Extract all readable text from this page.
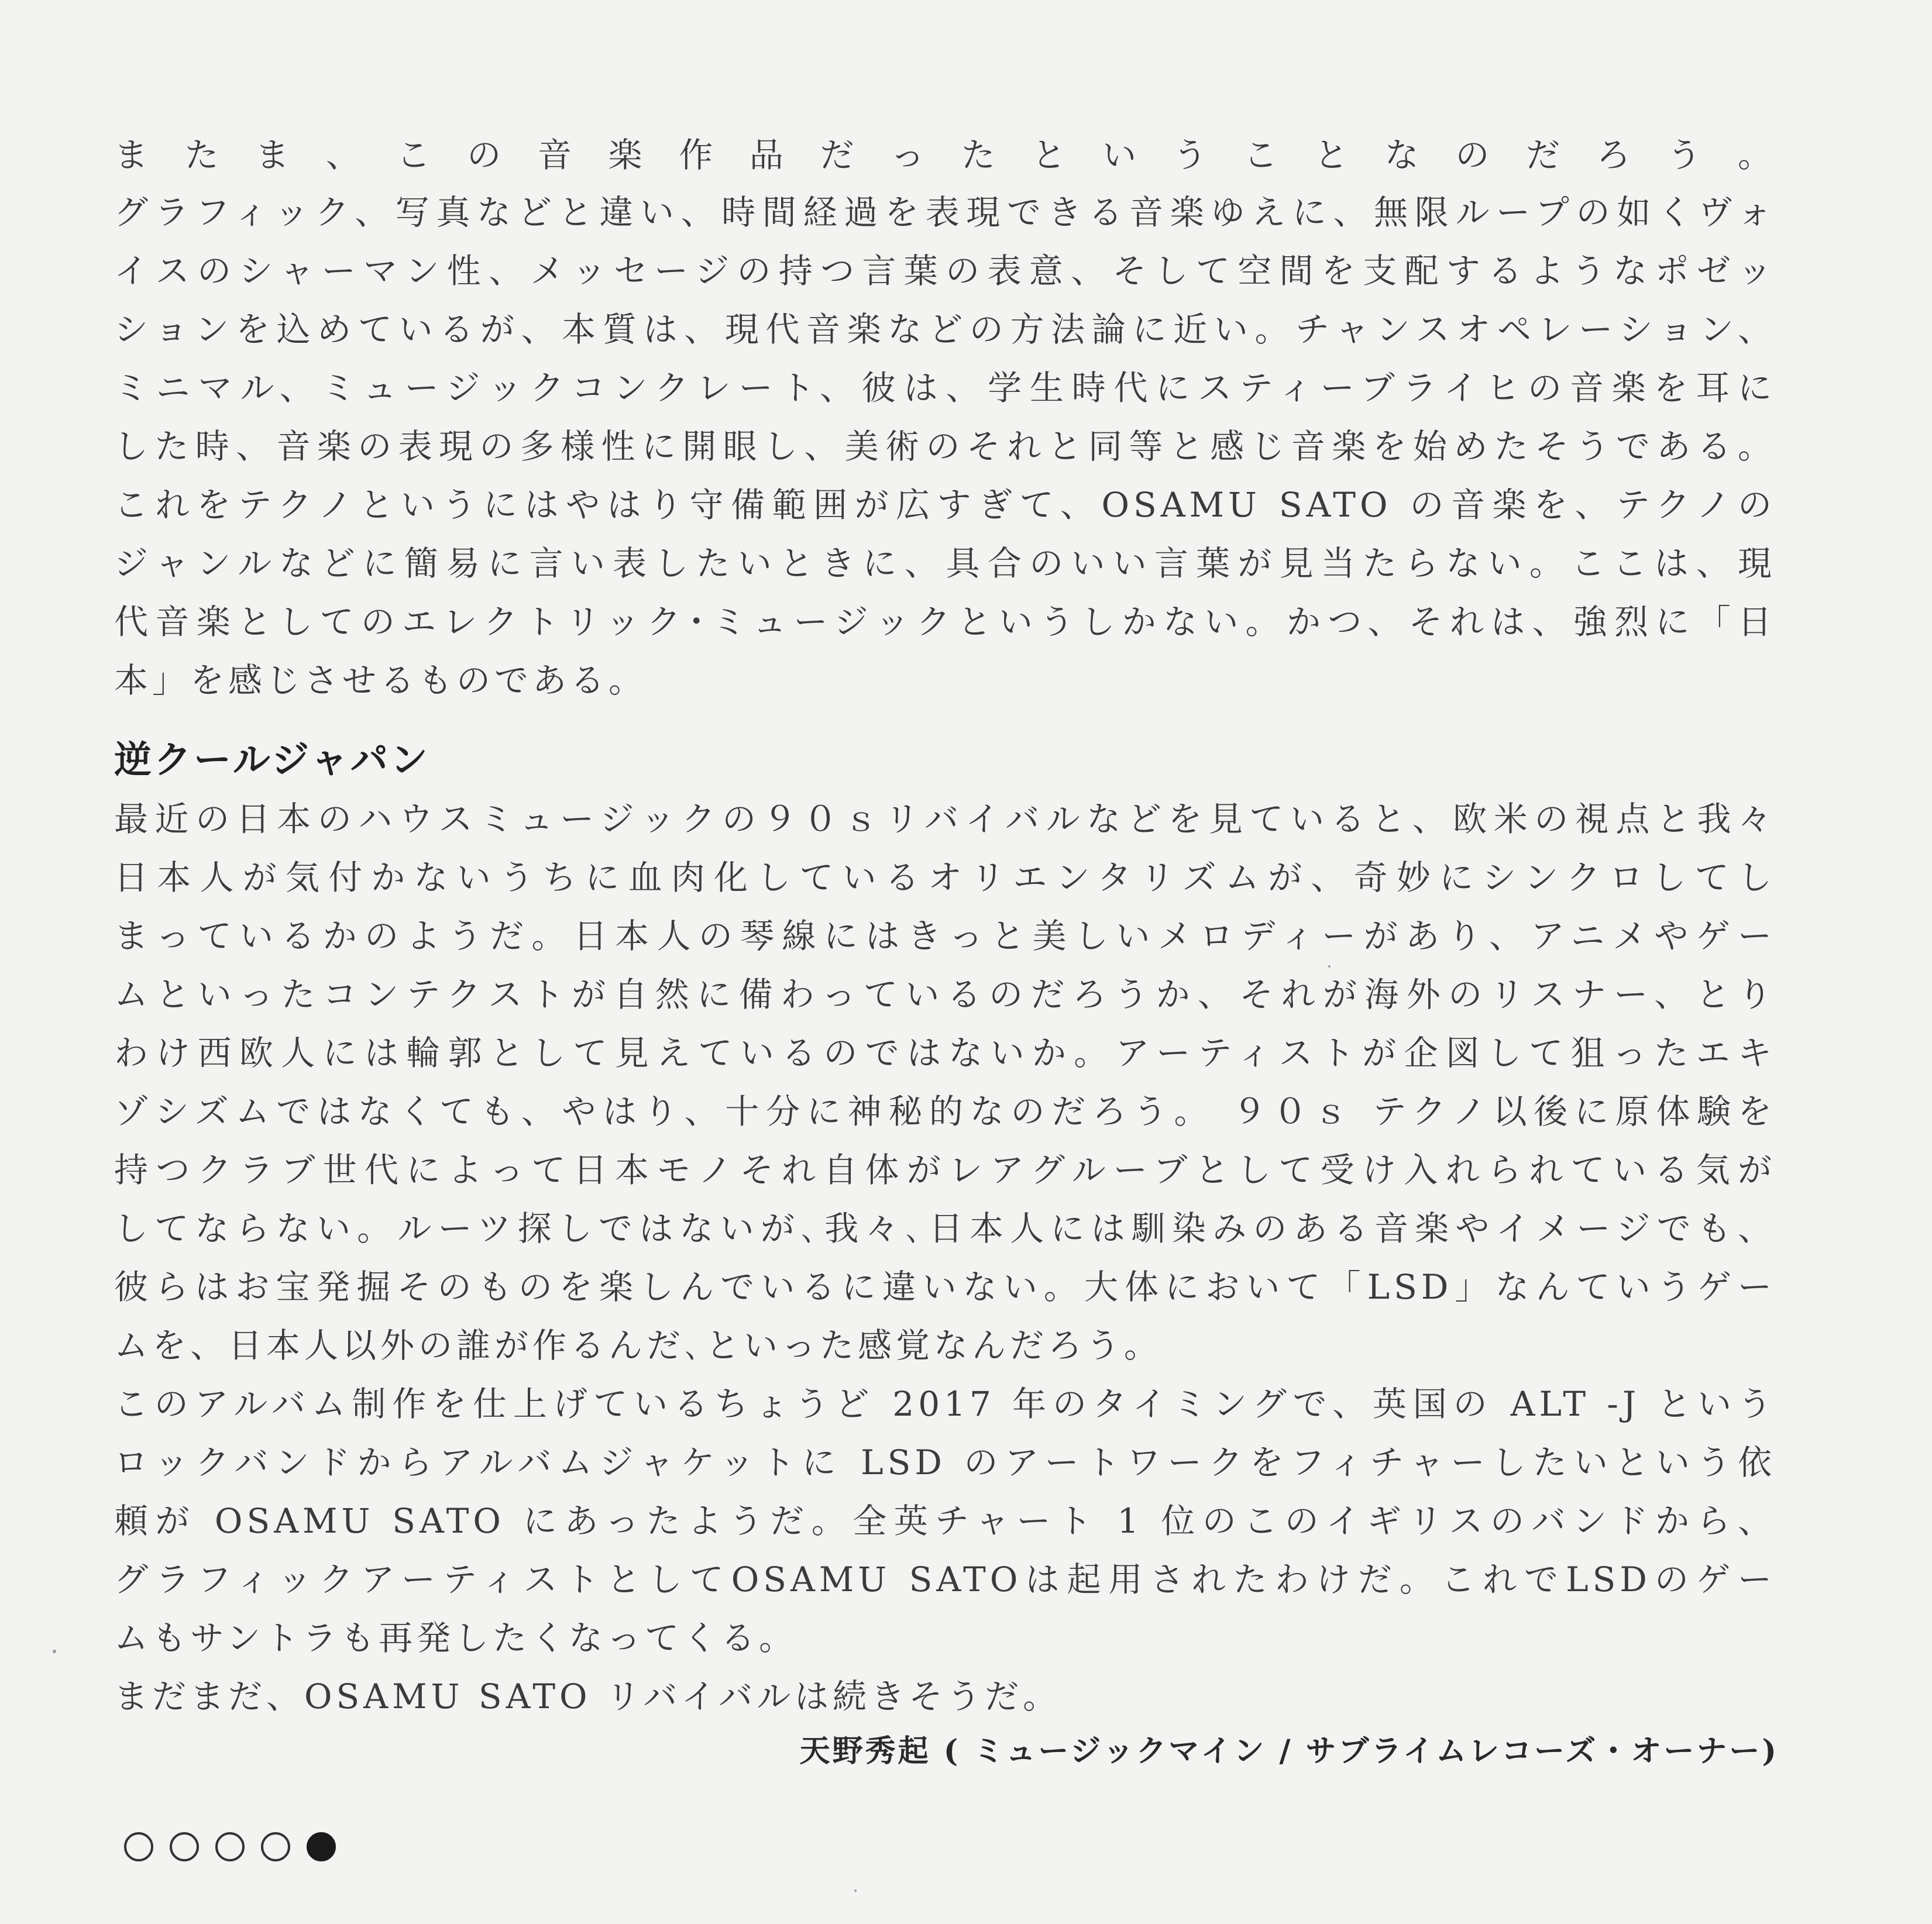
またま、この音楽作品だったということなのだろう。
グラフィック、写真などと違い、時間経過を表現できる音楽ゆえに、無限ループの如くヴォ
イスのシャーマン性、メッセージの持つ言葉の表意、そして空間を支配するようなポゼッ
ションを込めているが、本質は、現代音楽などの方法論に近い。チャンスオペレーション、
ミニマル、ミュージックコンクレート、彼は、学生時代にスティーブライヒの音楽を耳に
した時、音楽の表現の多様性に開眼し、美術のそれと同等と感じ音楽を始めたそうである。
これをテクノというにはやはり守備範囲が広すぎて、OSAMU SATO の音楽を、テクノの
ジャンルなどに簡易に言い表したいときに、具合のいい言葉が見当たらない。ここは、現
代音楽としてのエレクトリック･ミュージックというしかない。かつ、それは、強烈に「日
本」を感じさせるものである。
逆クールジャパン
最近の日本のハウスミュージックの９０ｓリバイバルなどを見ていると、欧米の視点と我々
日本人が気付かないうちに血肉化しているオリエンタリズムが、奇妙にシンクロしてし
まっているかのようだ。日本人の琴線にはきっと美しいメロディーがあり、アニメやゲー
ムといったコンテクストが自然に備わっているのだろうか、それが海外のリスナー、とり
わけ西欧人には輪郭として見えているのではないか。アーティストが企図して狙ったエキ
ゾシズムではなくても、やはり、十分に神秘的なのだろう。 ９０ｓ テクノ以後に原体験を
持つクラブ世代によって日本モノそれ自体がレアグルーブとして受け入れられている気が
してならない。ルーツ探しではないが､我々､日本人には馴染みのある音楽やイメージでも、
彼らはお宝発掘そのものを楽しんでいるに違いない。大体において「LSD」なんていうゲー
ムを、日本人以外の誰が作るんだ､といった感覚なんだろう。
このアルバム制作を仕上げているちょうど 2017 年のタイミングで、英国の ALT -J という
ロックバンドからアルバムジャケットに LSD のアートワークをフィチャーしたいという依
頼が OSAMU SATO にあったようだ。全英チャート 1 位のこのイギリスのバンドから、
グラフィックアーティストとしてOSAMU SATOは起用されたわけだ。これでLSDのゲー
ムもサントラも再発したくなってくる。
まだまだ、OSAMU SATO リバイバルは続きそうだ。
天野秀起 ( ミュージックマイン / サブライムレコーズ・オーナー)
